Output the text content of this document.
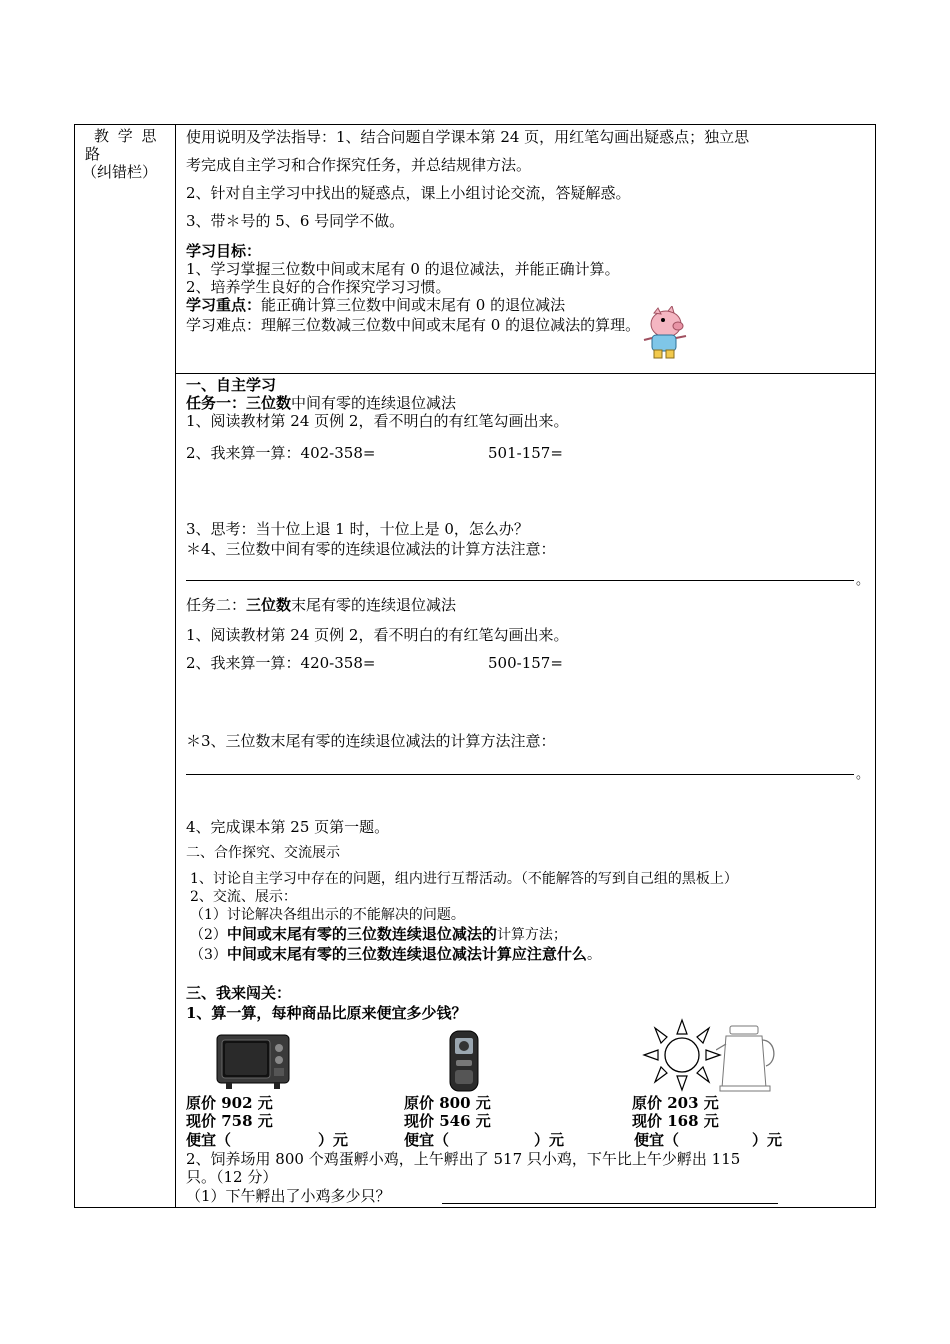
教 学 思
路
（纠错栏）
使用说明及学法指导：1、结合问题自学课本第 24 页，用红笔勾画出疑惑点；独立思
考完成自主学习和合作探究任务，并总结规律方法。
2、针对自主学习中找出的疑惑点，课上小组讨论交流，答疑解惑。
3、带＊号的 5、6 号同学不做。
学习目标：
1、学习掌握三位数中间或末尾有 0 的退位减法，并能正确计算。
2、培养学生良好的合作探究学习习惯。
学习重点：能正确计算三位数中间或末尾有 0 的退位减法
学习难点：理解三位数减三位数中间或末尾有 0 的退位减法的算理。
一、自主学习
任务一：三位数中间有零的连续退位减法
1、阅读教材第 24 页例 2，看不明白的有红笔勾画出来。
2、我来算一算：402-358=	501-157=
3、思考：当十位上退 1 时，十位上是 0，怎么办？
＊4、三位数中间有零的连续退位减法的计算方法注意：
。
任务二：三位数末尾有零的连续退位减法
1、阅读教材第 24 页例 2，看不明白的有红笔勾画出来。
2、我来算一算：420-358=	500-157=
＊3、三位数末尾有零的连续退位减法的计算方法注意：
。
4、完成课本第 25 页第一题。
二、合作探究、交流展示
1、讨论自主学习中存在的问题，组内进行互帮活动。（不能解答的写到自己组的黑板上）
2、交流、展示：
（1）讨论解决各组出示的不能解决的问题。
（2）中间或末尾有零的三位数连续退位减法的计算方法；
（3）中间或末尾有零的三位数连续退位减法计算应注意什么。
三、我来闯关：
1、算一算，每种商品比原来便宜多少钱？
原价 902 元
现价 758 元
便宜（	）元
原价 800 元
现价 546 元
便宜（	）元
原价 203 元
现价 168 元
便宜（	）元
2、饲养场用 800 个鸡蛋孵小鸡，上午孵出了 517 只小鸡，下午比上午少孵出 115
只。（12 分）
（1）下午孵出了小鸡多少只？
